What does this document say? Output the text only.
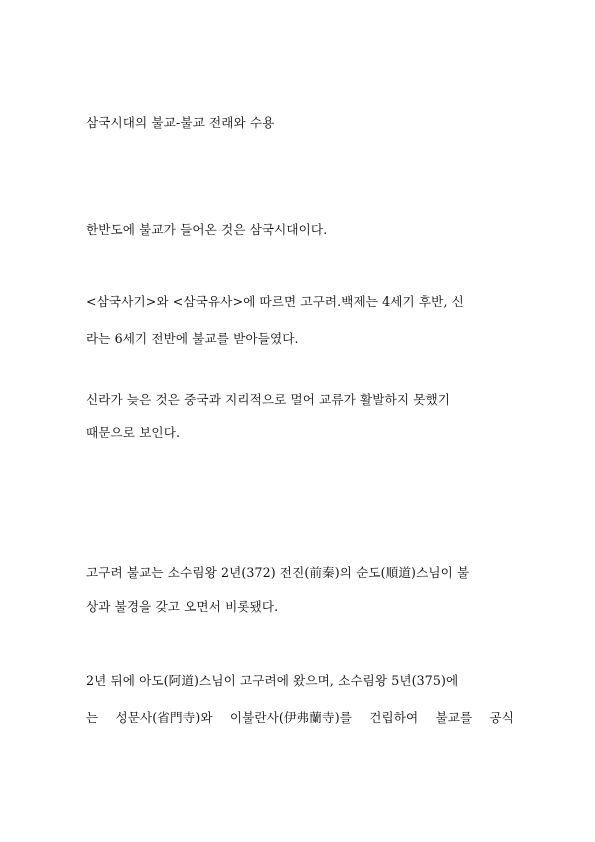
삼국시대의 불교-불교 전래와 수용
한반도에 불교가 들어온 것은 삼국시대이다.
<삼국사기>와 <삼국유사>에 따르면 고구려.백제는 4세기 후반, 신
라는 6세기 전반에 불교를 받아들였다.
신라가 늦은 것은 중국과 지리적으로 멀어 교류가 활발하지 못했기
때문으로 보인다.
고구려 불교는 소수림왕 2년(372) 전진(前秦)의 순도(順道)스님이 불
상과 불경을 갖고 오면서 비롯됐다.
2년 뒤에 아도(阿道)스님이 고구려에 왔으며, 소수림왕 5년(375)에
는 성문사(省門寺)와 이불란사(伊弗蘭寺)를 건립하여 불교를 공식
